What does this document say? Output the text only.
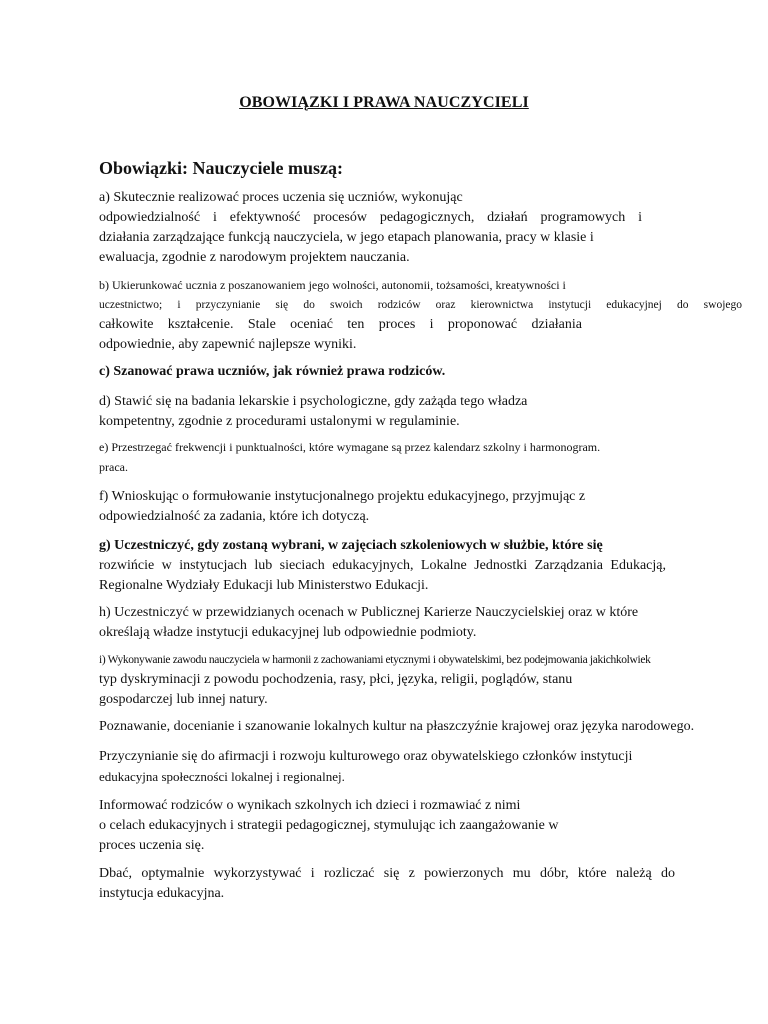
OBOWIĄZKI I PRAWA NAUCZYCIELI
Obowiązki: Nauczyciele muszą:
a) Skutecznie realizować proces uczenia się uczniów, wykonując
odpowiedzialność i efektywność procesów pedagogicznych, działań programowych i
działania zarządzające funkcją nauczyciela, w jego etapach planowania, pracy w klasie i
ewaluacja, zgodnie z narodowym projektem nauczania.
b) Ukierunkować ucznia z poszanowaniem jego wolności, autonomii, tożsamości, kreatywności i
uczestnictwo; i przyczynianie się do swoich rodziców oraz kierownictwa instytucji edukacyjnej do swojego
całkowite kształcenie. Stale oceniać ten proces i proponować działania
odpowiednie, aby zapewnić najlepsze wyniki.
c) Szanować prawa uczniów, jak również prawa rodziców.
d) Stawić się na badania lekarskie i psychologiczne, gdy zażąda tego władza
kompetentny, zgodnie z procedurami ustalonymi w regulaminie.
e) Przestrzegać frekwencji i punktualności, które wymagane są przez kalendarz szkolny i harmonogram.
praca.
f) Wnioskując o formułowanie instytucjonalnego projektu edukacyjnego, przyjmując z
odpowiedzialność za zadania, które ich dotyczą.
g) Uczestniczyć, gdy zostaną wybrani, w zajęciach szkoleniowych w służbie, które się
rozwińcie w instytucjach lub sieciach edukacyjnych, Lokalne Jednostki Zarządzania Edukacją,
Regionalne Wydziały Edukacji lub Ministerstwo Edukacji.
h) Uczestniczyć w przewidzianych ocenach w Publicznej Karierze Nauczycielskiej oraz w które
określają władze instytucji edukacyjnej lub odpowiednie podmioty.
i) Wykonywanie zawodu nauczyciela w harmonii z zachowaniami etycznymi i obywatelskimi, bez podejmowania jakichkolwiek
typ dyskryminacji z powodu pochodzenia, rasy, płci, języka, religii, poglądów, stanu
gospodarczej lub innej natury.
Poznawanie, docenianie i szanowanie lokalnych kultur na płaszczyźnie krajowej oraz języka narodowego.
Przyczynianie się do afirmacji i rozwoju kulturowego oraz obywatelskiego członków instytucji
edukacyjna społeczności lokalnej i regionalnej.
Informować rodziców o wynikach szkolnych ich dzieci i rozmawiać z nimi
o celach edukacyjnych i strategii pedagogicznej, stymulując ich zaangażowanie w
proces uczenia się.
Dbać, optymalnie wykorzystywać i rozliczać się z powierzonych mu dóbr, które należą do
instytucja edukacyjna.
